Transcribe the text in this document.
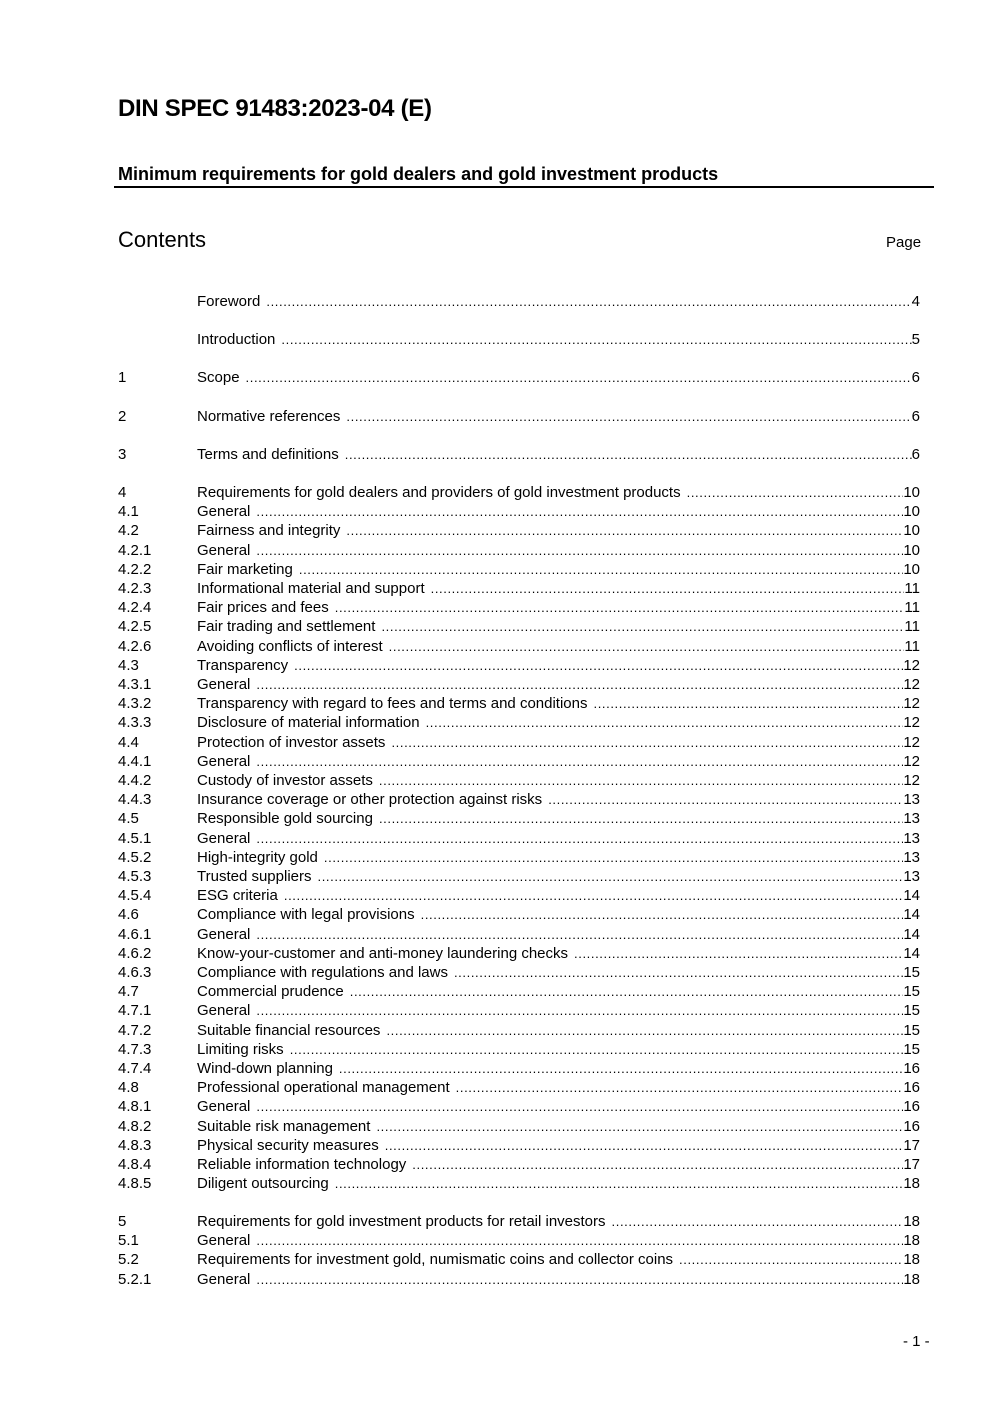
DIN SPEC 91483:2023-04 (E)
Minimum requirements for gold dealers and gold investment products
Contents	Page
Foreword .....	4
Introduction .....	5
1	Scope .....	6
2	Normative references .....	6
3	Terms and definitions .....	6
4	Requirements for gold dealers and providers of gold investment products .....	10
4.1	General .....	10
4.2	Fairness and integrity .....	10
4.2.1	General .....	10
4.2.2	Fair marketing .....	10
4.2.3	Informational material and support .....	11
4.2.4	Fair prices and fees .....	11
4.2.5	Fair trading and settlement .....	11
4.2.6	Avoiding conflicts of interest .....	11
4.3	Transparency .....	12
4.3.1	General .....	12
4.3.2	Transparency with regard to fees and terms and conditions .....	12
4.3.3	Disclosure of material information .....	12
4.4	Protection of investor assets .....	12
4.4.1	General .....	12
4.4.2	Custody of investor assets .....	12
4.4.3	Insurance coverage or other protection against risks .....	13
4.5	Responsible gold sourcing .....	13
4.5.1	General .....	13
4.5.2	High-integrity gold .....	13
4.5.3	Trusted suppliers .....	13
4.5.4	ESG criteria .....	14
4.6	Compliance with legal provisions .....	14
4.6.1	General .....	14
4.6.2	Know-your-customer and anti-money laundering checks .....	14
4.6.3	Compliance with regulations and laws .....	15
4.7	Commercial prudence .....	15
4.7.1	General .....	15
4.7.2	Suitable financial resources .....	15
4.7.3	Limiting risks .....	15
4.7.4	Wind-down planning .....	16
4.8	Professional operational management .....	16
4.8.1	General .....	16
4.8.2	Suitable risk management .....	16
4.8.3	Physical security measures .....	17
4.8.4	Reliable information technology .....	17
4.8.5	Diligent outsourcing .....	18
5	Requirements for gold investment products for retail investors .....	18
5.1	General .....	18
5.2	Requirements for investment gold, numismatic coins and collector coins .....	18
5.2.1	General .....	18
- 1 -
